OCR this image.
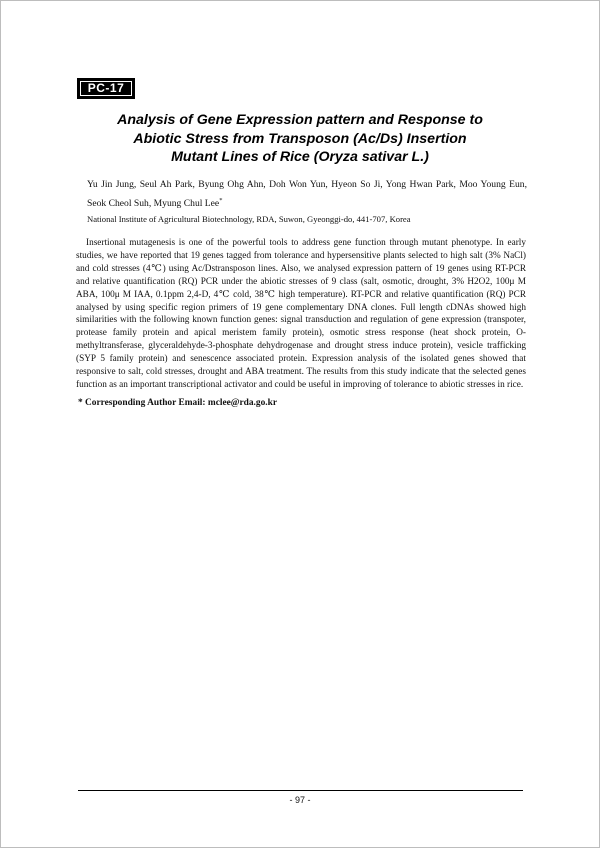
PC-17
Analysis of Gene Expression pattern and Response to
Abiotic Stress from Transposon (Ac/Ds) Insertion
Mutant Lines of Rice (Oryza sativar L.)
Yu Jin Jung, Seul Ah Park, Byung Ohg Ahn, Doh Won Yun, Hyeon So Ji, Yong Hwan Park, Moo Young Eun, Seok Cheol Suh, Myung Chul Lee*
National Institute of Agricultural Biotechnology, RDA, Suwon, Gyeonggi-do, 441-707, Korea

Insertional mutagenesis is one of the powerful tools to address gene function through mutant phenotype. In early studies, we have reported that 19 genes tagged from tolerance and hypersensitive plants selected to high salt (3% NaCl) and cold stresses (4℃) using Ac/Dstransposon lines. Also, we analysed expression pattern of 19 genes using RT-PCR and relative quantification (RQ) PCR under the abiotic stresses of 9 class (salt, osmotic, drought, 3% H2O2, 100μ M ABA, 100μ M IAA, 0.1ppm 2,4-D, 4℃ cold, 38℃ high temperature). RT-PCR and relative quantification (RQ) PCR analysed by using specific region primers of 19 gene complementary DNA clones. Full length cDNAs showed high similarities with the following known function genes: signal transduction and regulation of gene expression (transpoter, protease family protein and apical meristem family protein), osmotic stress response (heat shock protein, O-methyltransferase, glyceraldehyde-3-phosphate dehydrogenase and drought stress induce protein), vesicle trafficking (SYP 5 family protein) and senescence associated protein. Expression analysis of the isolated genes showed that responsive to salt, cold stresses, drought and ABA treatment. The results from this study indicate that the selected genes function as an important transcriptional activator and could be useful in improving of tolerance to abiotic stresses in rice.

* Corresponding Author Email: mclee@rda.go.kr
- 97 -
